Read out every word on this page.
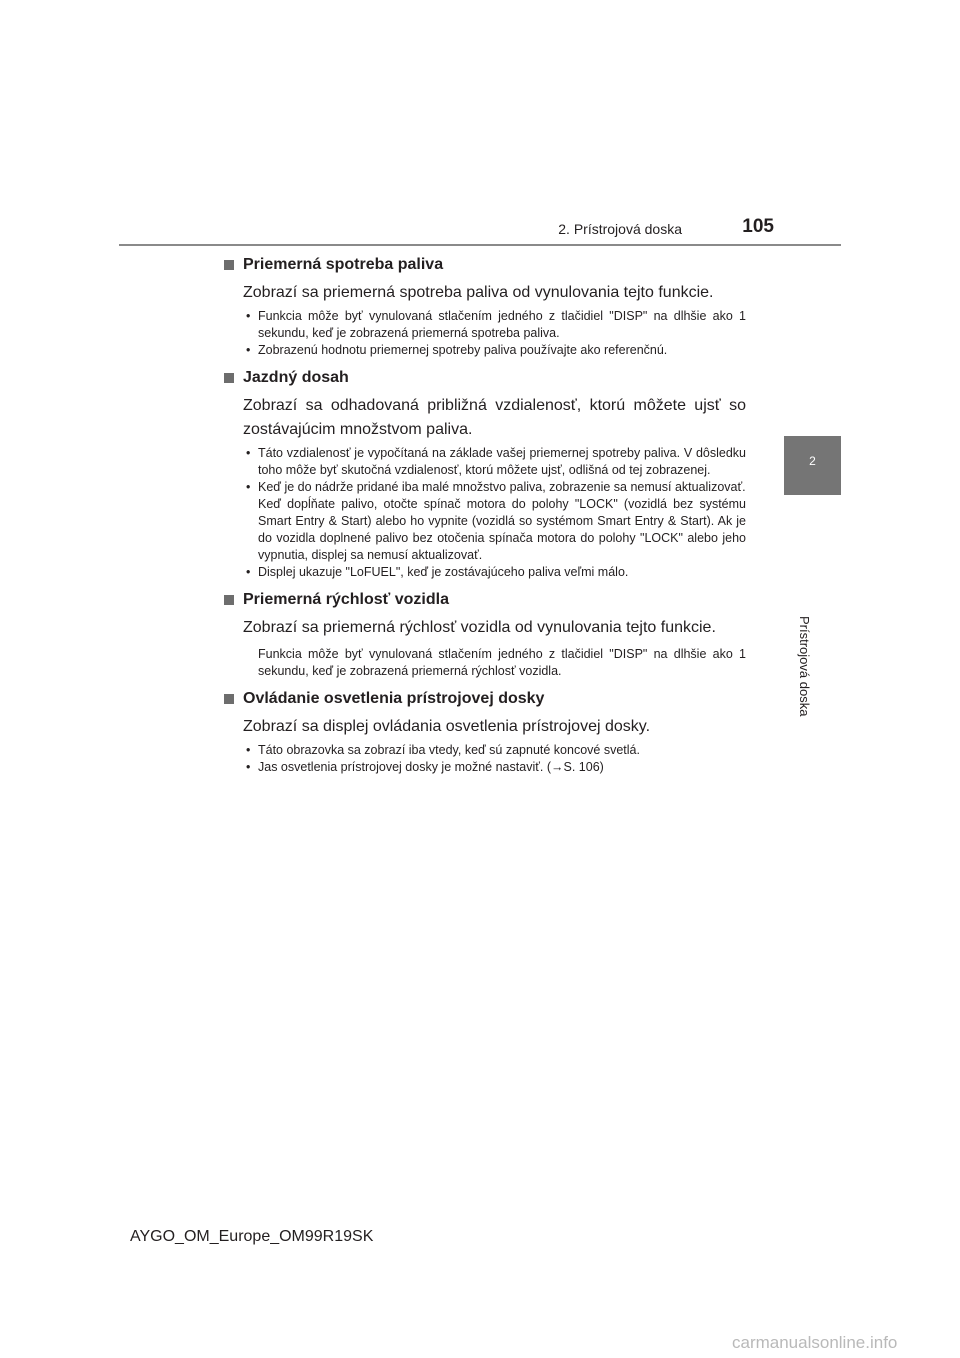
2. Prístrojová doska	105
2
Prístrojová doska
Priemerná spotreba paliva

Zobrazí sa priemerná spotreba paliva od vynulovania tejto funkcie.

• Funkcia môže byť vynulovaná stlačením jedného z tlačidiel "DISP" na dlhšie ako 1 sekundu, keď je zobrazená priemerná spotreba paliva.
• Zobrazenú hodnotu priemernej spotreby paliva používajte ako referenčnú.
Jazdný dosah

Zobrazí sa odhadovaná približná vzdialenosť, ktorú môžete ujsť so zostávajúcim množstvom paliva.

• Táto vzdialenosť je vypočítaná na základe vašej priemernej spotreby paliva. V dôsledku toho môže byť skutočná vzdialenosť, ktorú môžete ujsť, odlišná od tej zobrazenej.
• Keď je do nádrže pridané iba malé množstvo paliva, zobrazenie sa nemusí aktualizovať.
Keď dopĺňate palivo, otočte spínač motora do polohy "LOCK" (vozidlá bez systému Smart Entry & Start) alebo ho vypnite (vozidlá so systémom Smart Entry & Start). Ak je do vozidla doplnené palivo bez otočenia spínača motora do polohy "LOCK" alebo jeho vypnutia, displej sa nemusí aktualizovať.
• Displej ukazuje "LoFUEL", keď je zostávajúceho paliva veľmi málo.
Priemerná rýchlosť vozidla

Zobrazí sa priemerná rýchlosť vozidla od vynulovania tejto funkcie.

Funkcia môže byť vynulovaná stlačením jedného z tlačidiel "DISP" na dlhšie ako 1 sekundu, keď je zobrazená priemerná rýchlosť vozidla.

Ovládanie osvetlenia prístrojovej dosky

Zobrazí sa displej ovládania osvetlenia prístrojovej dosky.

• Táto obrazovka sa zobrazí iba vtedy, keď sú zapnuté koncové svetlá.
• Jas osvetlenia prístrojovej dosky je možné nastaviť. (→S. 106)
AYGO_OM_Europe_OM99R19SK
carmanualsonline.info
